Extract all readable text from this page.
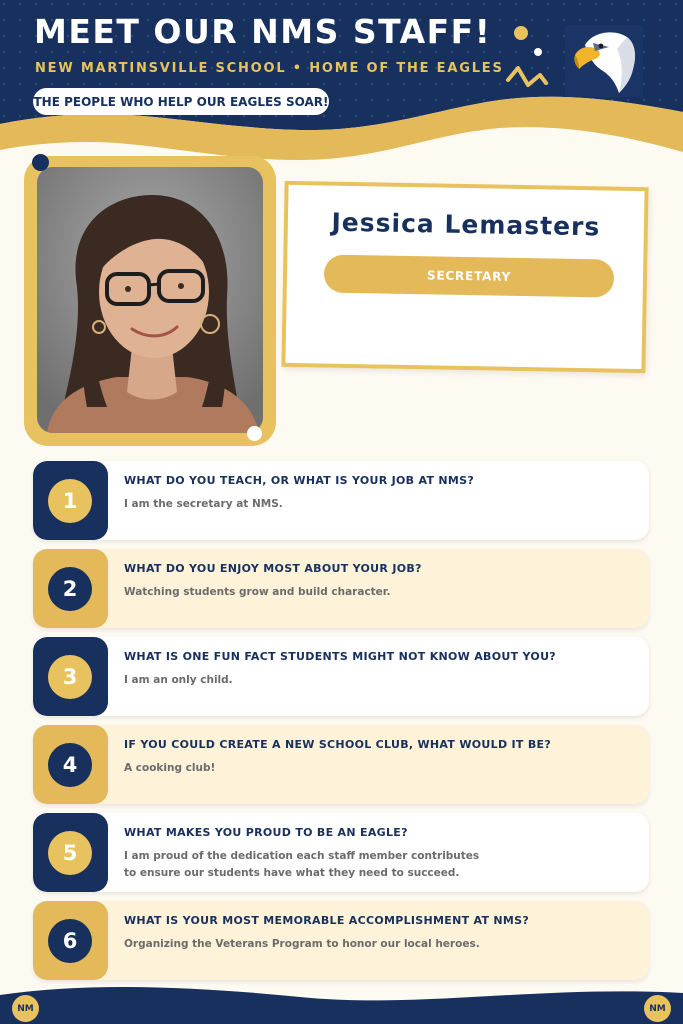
MEET OUR NMS STAFF!
NEW MARTINSVILLE SCHOOL • HOME OF THE EAGLES
THE PEOPLE WHO HELP OUR EAGLES SOAR!
Jessica Lemasters
SECRETARY
1
WHAT DO YOU TEACH, OR WHAT IS YOUR JOB AT NMS?
I am the secretary at NMS.
2
WHAT DO YOU ENJOY MOST ABOUT YOUR JOB?
Watching students grow and build character.
3
WHAT IS ONE FUN FACT STUDENTS MIGHT NOT KNOW ABOUT YOU?
I am an only child.
4
IF YOU COULD CREATE A NEW SCHOOL CLUB, WHAT WOULD IT BE?
A cooking club!
5
WHAT MAKES YOU PROUD TO BE AN EAGLE?
I am proud of the dedication each staff member contributes
to ensure our students have what they need to succeed.
6
WHAT IS YOUR MOST MEMORABLE ACCOMPLISHMENT AT NMS?
Organizing the Veterans Program to honor our local heroes.
NM	NM
